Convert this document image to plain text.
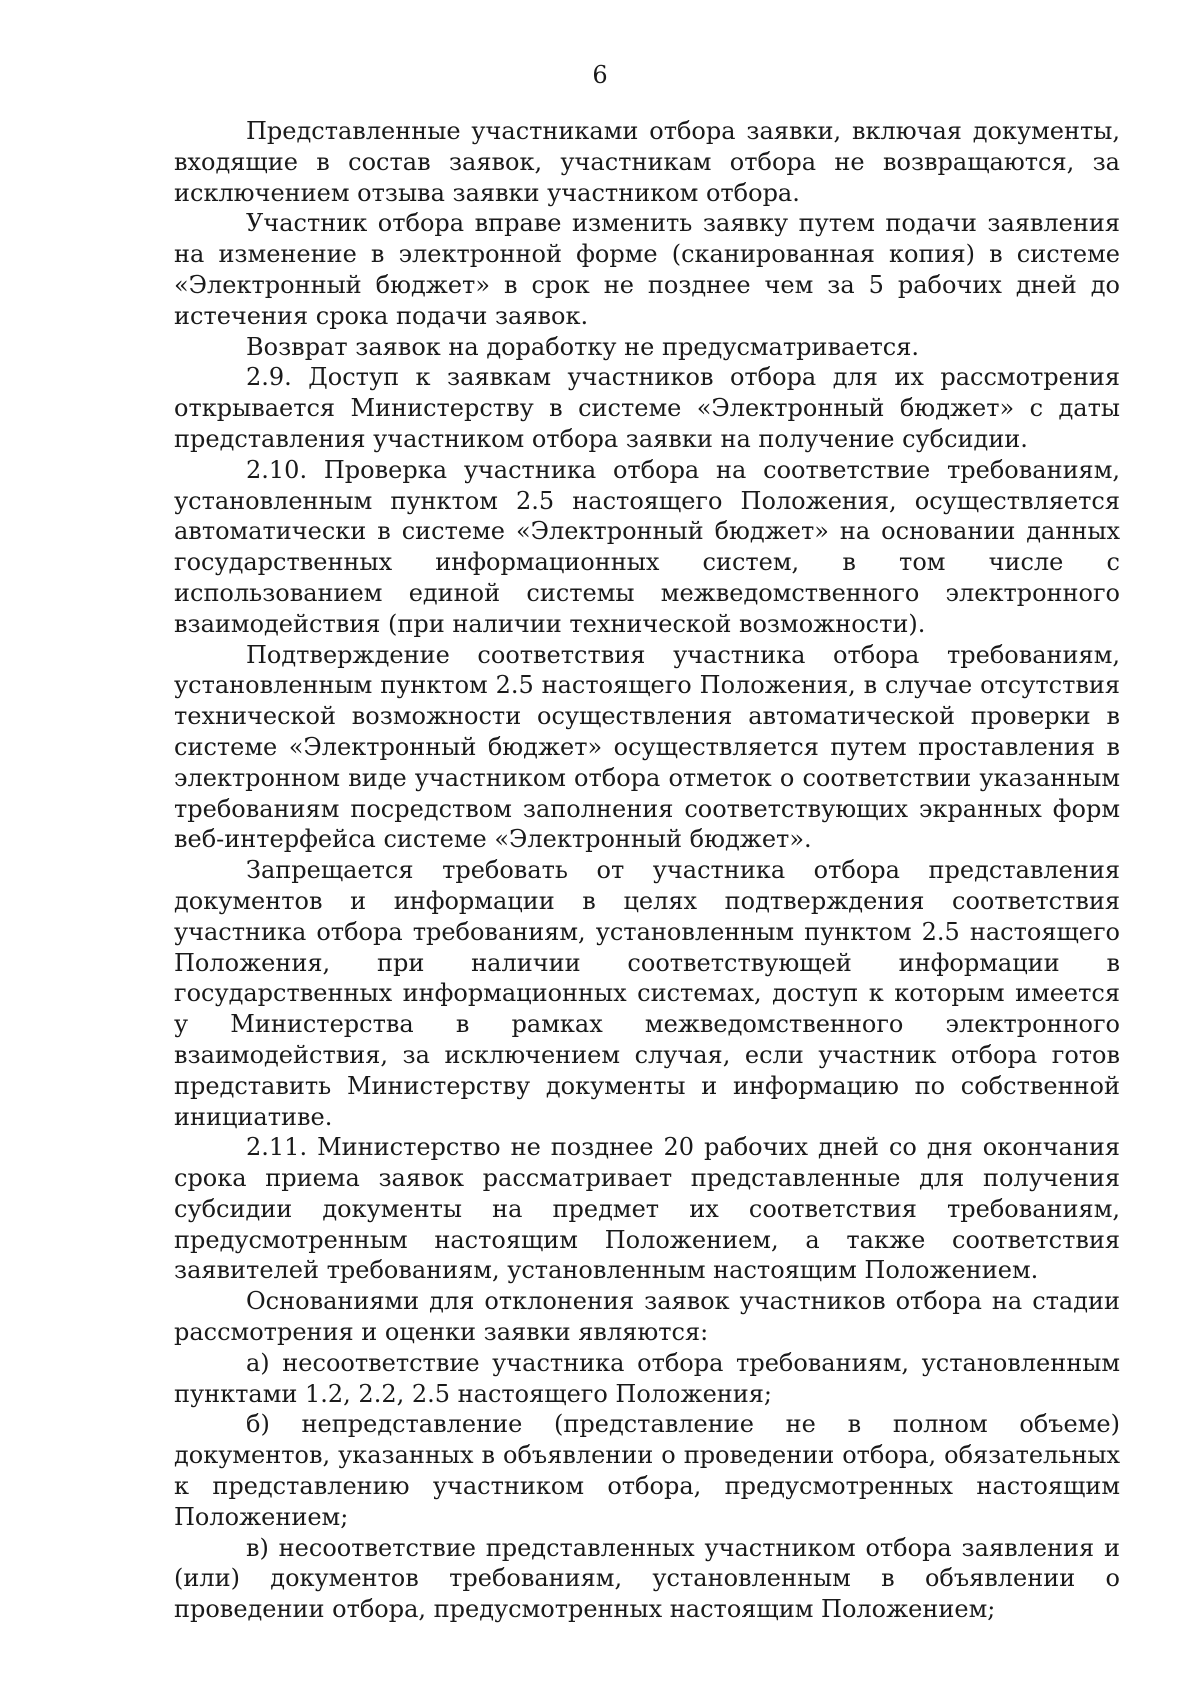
6

Представленные участниками отбора заявки, включая документы, входящие в состав заявок, участникам отбора не возвращаются, за исключением отзыва заявки участником отбора.

Участник отбора вправе изменить заявку путем подачи заявления на изменение в электронной форме (сканированная копия) в системе «Электронный бюджет» в срок не позднее чем за 5 рабочих дней до истечения срока подачи заявок.

Возврат заявок на доработку не предусматривается.

2.9. Доступ к заявкам участников отбора для их рассмотрения открывается Министерству в системе «Электронный бюджет» с даты представления участником отбора заявки на получение субсидии.

2.10. Проверка участника отбора на соответствие требованиям, установленным пунктом 2.5 настоящего Положения, осуществляется автоматически в системе «Электронный бюджет» на основании данных государственных информационных систем, в том числе с использованием единой системы межведомственного электронного взаимодействия (при наличии технической возможности).

Подтверждение соответствия участника отбора требованиям, установленным пунктом 2.5 настоящего Положения, в случае отсутствия технической возможности осуществления автоматической проверки в системе «Электронный бюджет» осуществляется путем проставления в электронном виде участником отбора отметок о соответствии указанным требованиям посредством заполнения соответствующих экранных форм веб-интерфейса системе «Электронный бюджет».

Запрещается требовать от участника отбора представления документов и информации в целях подтверждения соответствия участника отбора требованиям, установленным пунктом 2.5 настоящего Положения, при наличии соответствующей информации в государственных информационных системах, доступ к которым имеется у Министерства в рамках межведомственного электронного взаимодействия, за исключением случая, если участник отбора готов представить Министерству документы и информацию по собственной инициативе.

2.11. Министерство не позднее 20 рабочих дней со дня окончания срока приема заявок рассматривает представленные для получения субсидии документы на предмет их соответствия требованиям, предусмотренным настоящим Положением, а также соответствия заявителей требованиям, установленным настоящим Положением.

Основаниями для отклонения заявок участников отбора на стадии рассмотрения и оценки заявки являются:

а) несоответствие участника отбора требованиям, установленным пунктами 1.2, 2.2, 2.5 настоящего Положения;

б) непредставление (представление не в полном объеме) документов, указанных в объявлении о проведении отбора, обязательных к представлению участником отбора, предусмотренных настоящим Положением;

в) несоответствие представленных участником отбора заявления и (или) документов требованиям, установленным в объявлении о проведении отбора, предусмотренных настоящим Положением;
